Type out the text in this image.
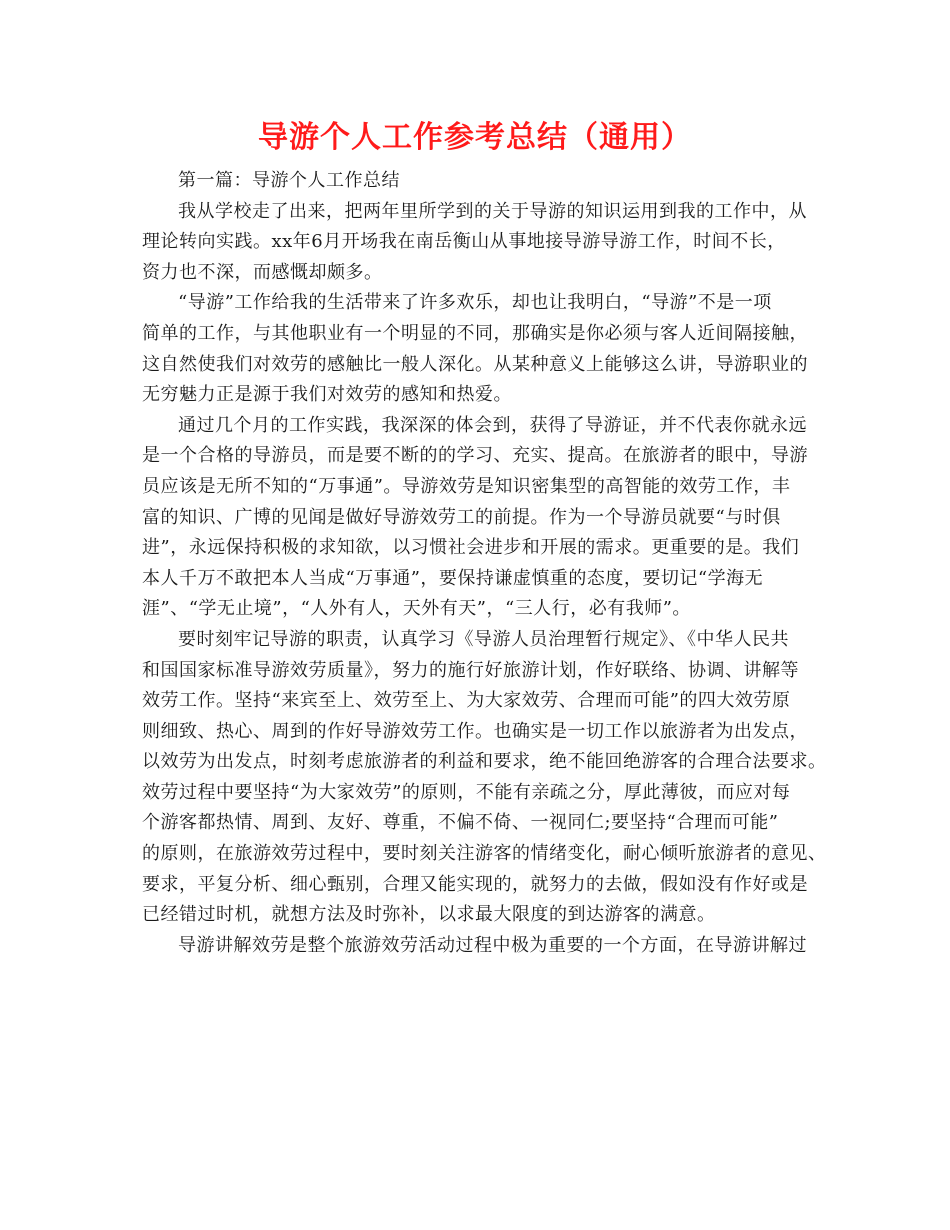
导游个人工作参考总结（通用）
第一篇：导游个人工作总结
我从学校走了出来，把两年里所学到的关于导游的知识运用到我的工作中，从
理论转向实践。xx年6月开场我在南岳衡山从事地接导游导游工作，时间不长，
资力也不深，而感慨却颇多。
“导游”工作给我的生活带来了许多欢乐，却也让我明白，“导游”不是一项
简单的工作，与其他职业有一个明显的不同，那确实是你必须与客人近间隔接触，
这自然使我们对效劳的感触比一般人深化。从某种意义上能够这么讲，导游职业的
无穷魅力正是源于我们对效劳的感知和热爱。
通过几个月的工作实践，我深深的体会到，获得了导游证，并不代表你就永远
是一个合格的导游员，而是要不断的的学习、充实、提高。在旅游者的眼中，导游
员应该是无所不知的“万事通”。导游效劳是知识密集型的高智能的效劳工作，丰
富的知识、广博的见闻是做好导游效劳工的前提。作为一个导游员就要“与时俱
进”，永远保持积极的求知欲，以习惯社会进步和开展的需求。更重要的是。我们
本人千万不敢把本人当成“万事通”，要保持谦虚慎重的态度，要切记“学海无
涯”、“学无止境”，“人外有人，天外有天”，“三人行，必有我师”。
要时刻牢记导游的职责，认真学习《导游人员治理暂行规定》、《中华人民共
和国国家标准导游效劳质量》，努力的施行好旅游计划，作好联络、协调、讲解等
效劳工作。坚持“来宾至上、效劳至上、为大家效劳、合理而可能”的四大效劳原
则细致、热心、周到的作好导游效劳工作。也确实是一切工作以旅游者为出发点，
以效劳为出发点，时刻考虑旅游者的利益和要求，绝不能回绝游客的合理合法要求。
效劳过程中要坚持“为大家效劳”的原则，不能有亲疏之分，厚此薄彼，而应对每
个游客都热情、周到、友好、尊重，不偏不倚、一视同仁;要坚持“合理而可能”
的原则，在旅游效劳过程中，要时刻关注游客的情绪变化，耐心倾听旅游者的意见、
要求，平复分析、细心甄别，合理又能实现的，就努力的去做，假如没有作好或是
已经错过时机，就想方法及时弥补，以求最大限度的到达游客的满意。
导游讲解效劳是整个旅游效劳活动过程中极为重要的一个方面，在导游讲解过
